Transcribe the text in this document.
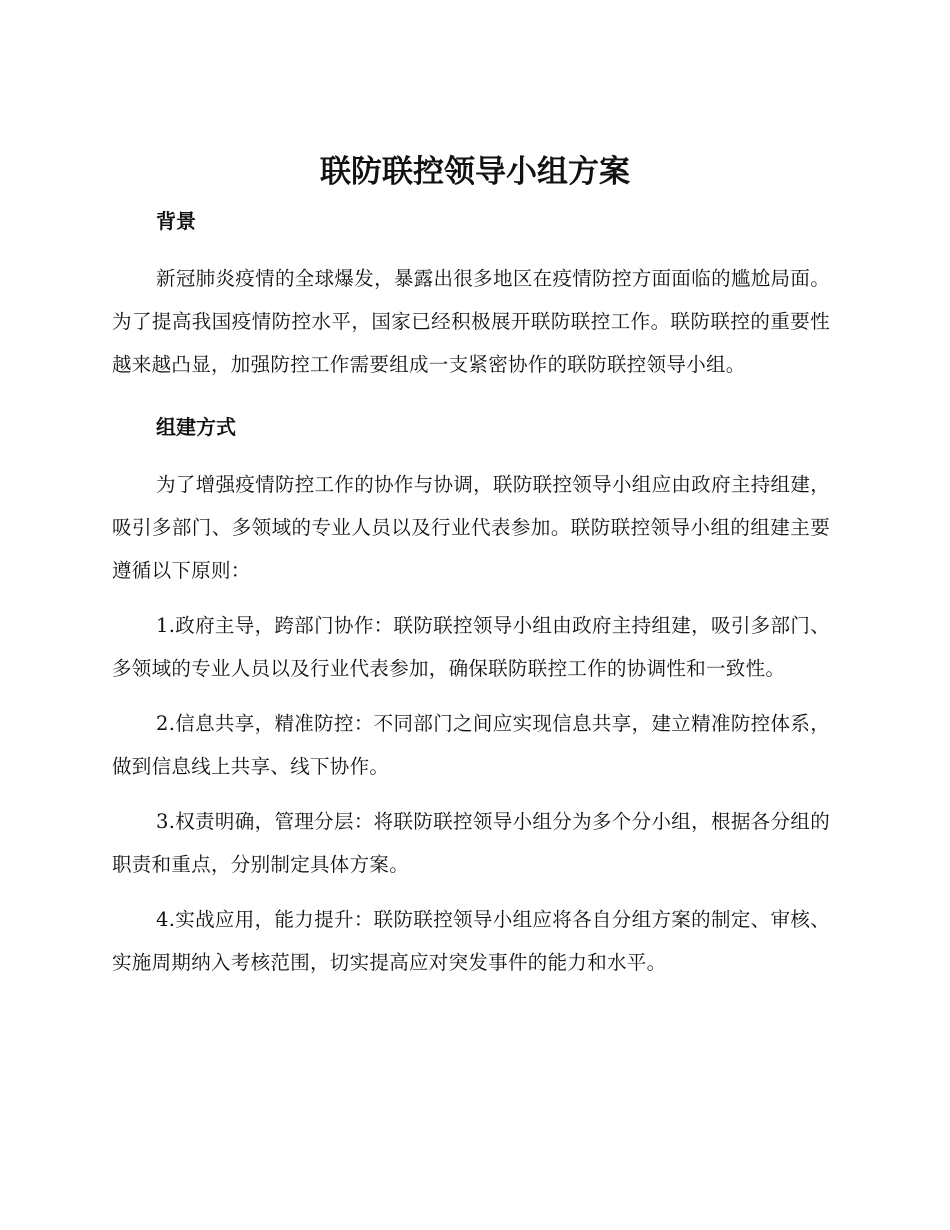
联防联控领导小组方案
背景

新冠肺炎疫情的全球爆发，暴露出很多地区在疫情防控方面面临的尴尬局面。为了提高我国疫情防控水平，国家已经积极展开联防联控工作。联防联控的重要性越来越凸显，加强防控工作需要组成一支紧密协作的联防联控领导小组。

组建方式

为了增强疫情防控工作的协作与协调，联防联控领导小组应由政府主持组建，吸引多部门、多领域的专业人员以及行业代表参加。联防联控领导小组的组建主要遵循以下原则：

1.政府主导，跨部门协作：联防联控领导小组由政府主持组建，吸引多部门、多领域的专业人员以及行业代表参加，确保联防联控工作的协调性和一致性。

2.信息共享，精准防控：不同部门之间应实现信息共享，建立精准防控体系，做到信息线上共享、线下协作。

3.权责明确，管理分层：将联防联控领导小组分为多个分小组，根据各分组的职责和重点，分别制定具体方案。

4.实战应用，能力提升：联防联控领导小组应将各自分组方案的制定、审核、实施周期纳入考核范围，切实提高应对突发事件的能力和水平。
